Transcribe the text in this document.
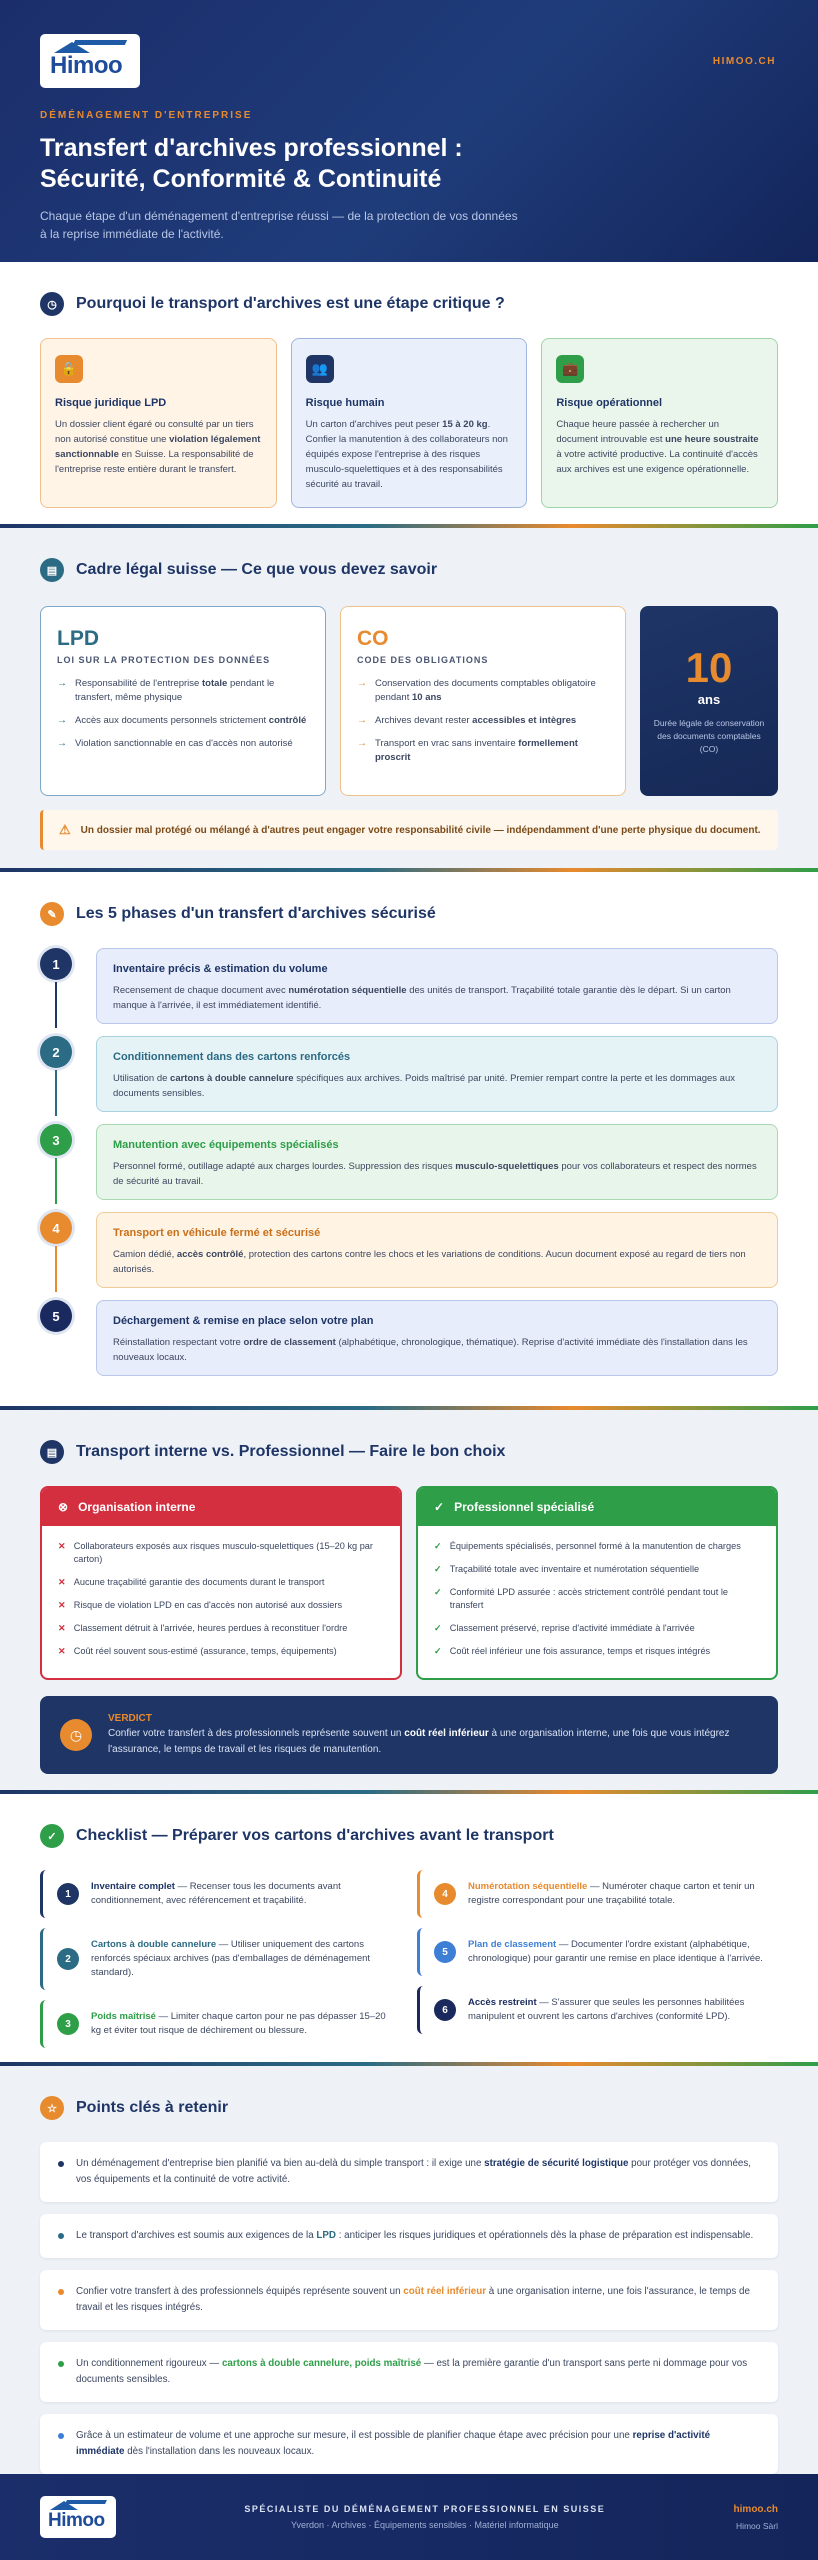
Himoo	HIMOO.CH
DÉMÉNAGEMENT D'ENTREPRISE
Transfert d'archives professionnel : Sécurité, Conformité & Continuité
Chaque étape d'un déménagement d'entreprise réussi — de la protection de vos données à la reprise immédiate de l'activité.
◷	Pourquoi le transport d'archives est une étape critique ?
🔒
Risque juridique LPD

Un dossier client égaré ou consulté par un tiers non autorisé constitue une violation légalement sanctionnable en Suisse. La responsabilité de l'entreprise reste entière durant le transfert.

👥
Risque humain

Un carton d'archives peut peser 15 à 20 kg. Confier la manutention à des collaborateurs non équipés expose l'entreprise à des risques musculo-squelettiques et à des responsabilités sécurité au travail.

💼
Risque opérationnel

Chaque heure passée à rechercher un document introuvable est une heure soustraite à votre activité productive. La continuité d'accès aux archives est une exigence opérationnelle.

▤	Cadre légal suisse — Ce que vous devez savoir
LPD
LOI SUR LA PROTECTION DES DONNÉES
→ Responsabilité de l'entreprise totale pendant le transfert, même physique
→ Accès aux documents personnels strictement contrôlé
→ Violation sanctionnable en cas d'accès non autorisé
CO
CODE DES OBLIGATIONS
→ Conservation des documents comptables obligatoire pendant 10 ans
→ Archives devant rester accessibles et intègres
→ Transport en vrac sans inventaire formellement proscrit
10
ans
Durée légale de conservation des documents comptables (CO)
⚠ Un dossier mal protégé ou mélangé à d'autres peut engager votre responsabilité civile — indépendamment d'une perte physique du document.
✎	Les 5 phases d'un transfert d'archives sécurisé
1	Inventaire précis & estimation du volume

Recensement de chaque document avec numérotation séquentielle des unités de transport. Traçabilité totale garantie dès le départ. Si un carton manque à l'arrivée, il est immédiatement identifié.

2	Conditionnement dans des cartons renforcés

Utilisation de cartons à double cannelure spécifiques aux archives. Poids maîtrisé par unité. Premier rempart contre la perte et les dommages aux documents sensibles.

3	Manutention avec équipements spécialisés

Personnel formé, outillage adapté aux charges lourdes. Suppression des risques musculo-squelettiques pour vos collaborateurs et respect des normes de sécurité au travail.

4	Transport en véhicule fermé et sécurisé

Camion dédié, accès contrôlé, protection des cartons contre les chocs et les variations de conditions. Aucun document exposé au regard de tiers non autorisés.

5	Déchargement & remise en place selon votre plan

Réinstallation respectant votre ordre de classement (alphabétique, chronologique, thématique). Reprise d'activité immédiate dès l'installation dans les nouveaux locaux.

▤	Transport interne vs. Professionnel — Faire le bon choix
⊗ Organisation interne
✕ Collaborateurs exposés aux risques musculo-squelettiques (15–20 kg par carton)
✕ Aucune traçabilité garantie des documents durant le transport
✕ Risque de violation LPD en cas d'accès non autorisé aux dossiers
✕ Classement détruit à l'arrivée, heures perdues à reconstituer l'ordre
✕ Coût réel souvent sous-estimé (assurance, temps, équipements)
✓ Professionnel spécialisé
✓ Équipements spécialisés, personnel formé à la manutention de charges
✓ Traçabilité totale avec inventaire et numérotation séquentielle
✓ Conformité LPD assurée : accès strictement contrôlé pendant tout le transfert
✓ Classement préservé, reprise d'activité immédiate à l'arrivée
✓ Coût réel inférieur une fois assurance, temps et risques intégrés
◷
VERDICT

Confier votre transfert à des professionnels représente souvent un coût réel inférieur à une organisation interne, une fois que vous intégrez l'assurance, le temps de travail et les risques de manutention.

✓	Checklist — Préparer vos cartons d'archives avant le transport
1

Inventaire complet — Recenser tous les documents avant conditionnement, avec référencement et traçabilité.

2

Cartons à double cannelure — Utiliser uniquement des cartons renforcés spéciaux archives (pas d'emballages de déménagement standard).

3

Poids maîtrisé — Limiter chaque carton pour ne pas dépasser 15–20 kg et éviter tout risque de déchirement ou blessure.

4

Numérotation séquentielle — Numéroter chaque carton et tenir un registre correspondant pour une traçabilité totale.

5

Plan de classement — Documenter l'ordre existant (alphabétique, chronologique) pour garantir une remise en place identique à l'arrivée.

6

Accès restreint — S'assurer que seules les personnes habilitées manipulent et ouvrent les cartons d'archives (conformité LPD).

☆	Points clés à retenir

Un déménagement d'entreprise bien planifié va bien au-delà du simple transport : il exige une stratégie de sécurité logistique pour protéger vos données, vos équipements et la continuité de votre activité.

Le transport d'archives est soumis aux exigences de la LPD : anticiper les risques juridiques et opérationnels dès la phase de préparation est indispensable.

Confier votre transfert à des professionnels équipés représente souvent un coût réel inférieur à une organisation interne, une fois l'assurance, le temps de travail et les risques intégrés.

Un conditionnement rigoureux — cartons à double cannelure, poids maîtrisé — est la première garantie d'un transport sans perte ni dommage pour vos documents sensibles.

Grâce à un estimateur de volume et une approche sur mesure, il est possible de planifier chaque étape avec précision pour une reprise d'activité immédiate dès l'installation dans les nouveaux locaux.

Himoo
SPÉCIALISTE DU DÉMÉNAGEMENT PROFESSIONNEL EN SUISSE
Yverdon · Archives · Équipements sensibles · Matériel informatique
himoo.ch
Himoo Sàrl
